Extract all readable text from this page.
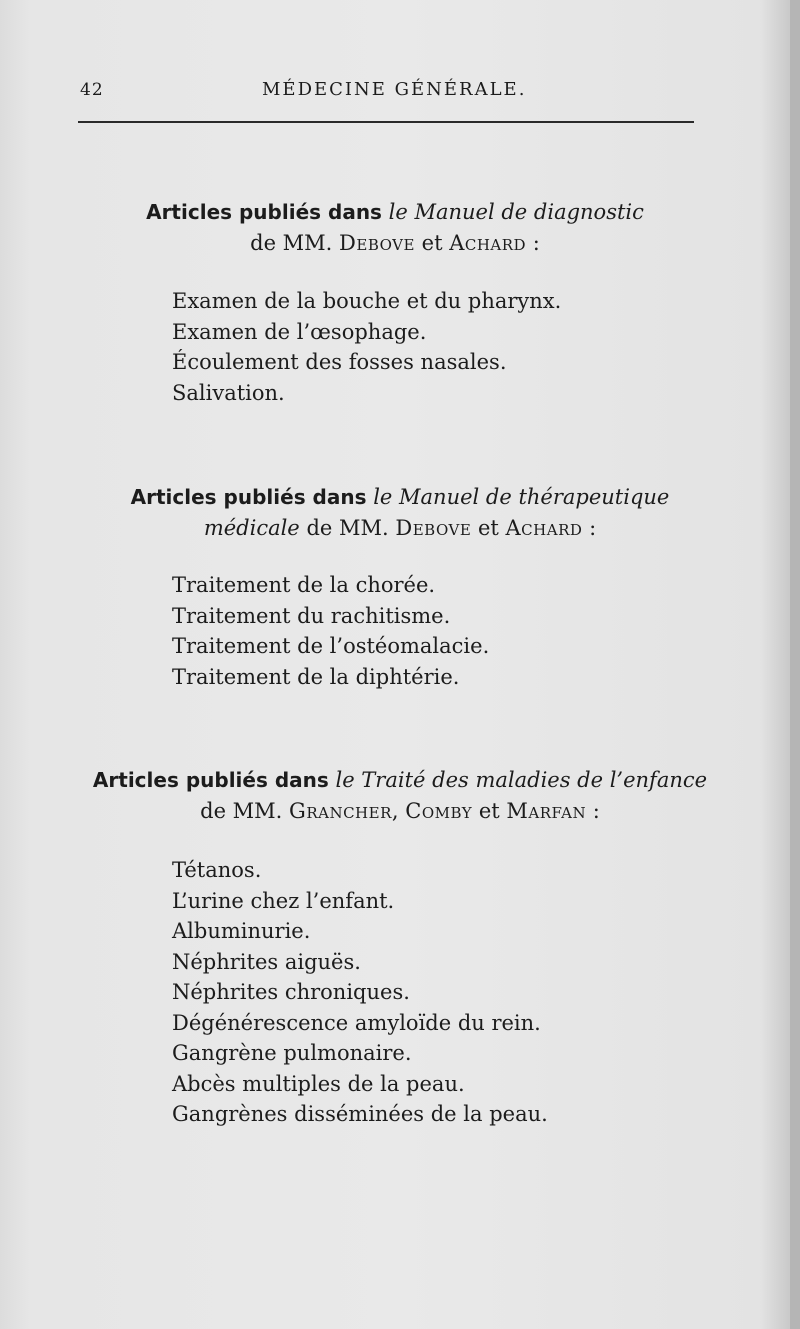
42	MÉDECINE GÉNÉRALE.
Articles publiés dans le Manuel de diagnostic
de MM. Debove et Achard :
Examen de la bouche et du pharynx.
Examen de l’œsophage.
Écoulement des fosses nasales.
Salivation.
Articles publiés dans le Manuel de thérapeutique
médicale de MM. Debove et Achard :
Traitement de la chorée.
Traitement du rachitisme.
Traitement de l’ostéomalacie.
Traitement de la diphtérie.
Articles publiés dans le Traité des maladies de l’enfance
de MM. Grancher, Comby et Marfan :
Tétanos.
L’urine chez l’enfant.
Albuminurie.
Néphrites aiguës.
Néphrites chroniques.
Dégénérescence amyloïde du rein.
Gangrène pulmonaire.
Abcès multiples de la peau.
Gangrènes disséminées de la peau.
